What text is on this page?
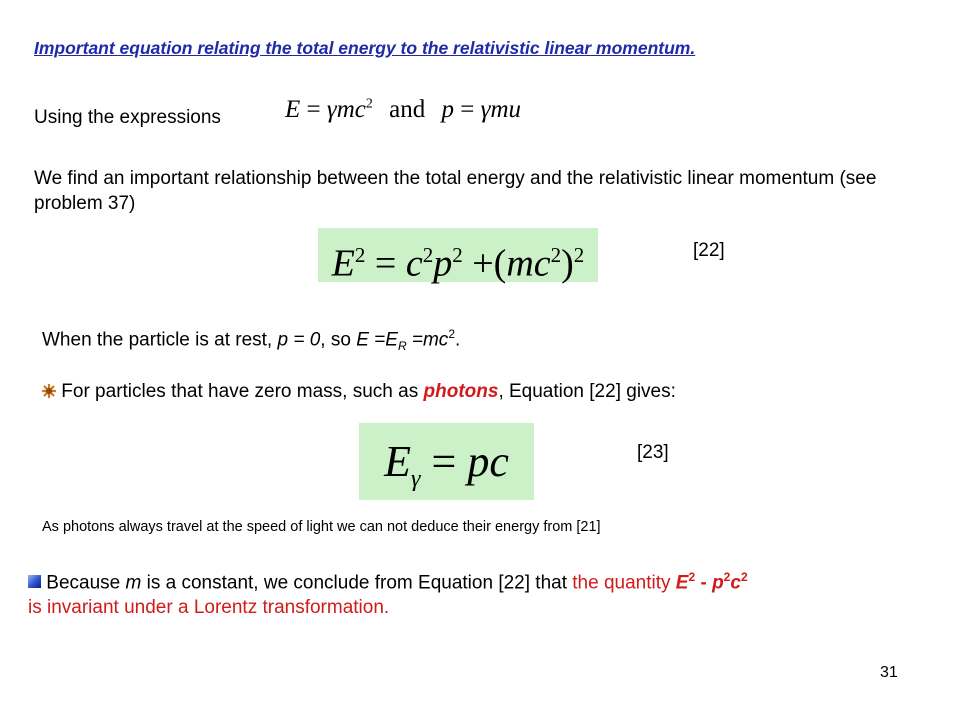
Important equation relating the total energy to the relativistic linear momentum.
Using the expressions	E = γmc$^2$ and p = γmu
We find an important relationship between the total energy and the relativistic linear momentum (see problem 37)
$E^2 = c^2p^2 +(mc^2)^2$	[22]
When the particle is at rest, p = 0, so $E =E_R =mc^2$.
For particles that have zero mass, such as photons, Equation [22] gives:
$E_\gamma$ = pc	[23]
As photons always travel at the speed of light we can not deduce their energy from [21]
Because m is a constant, we conclude from Equation [22] that the quantity $E^2 - p^2c^2$
is invariant under a Lorentz transformation.
31
